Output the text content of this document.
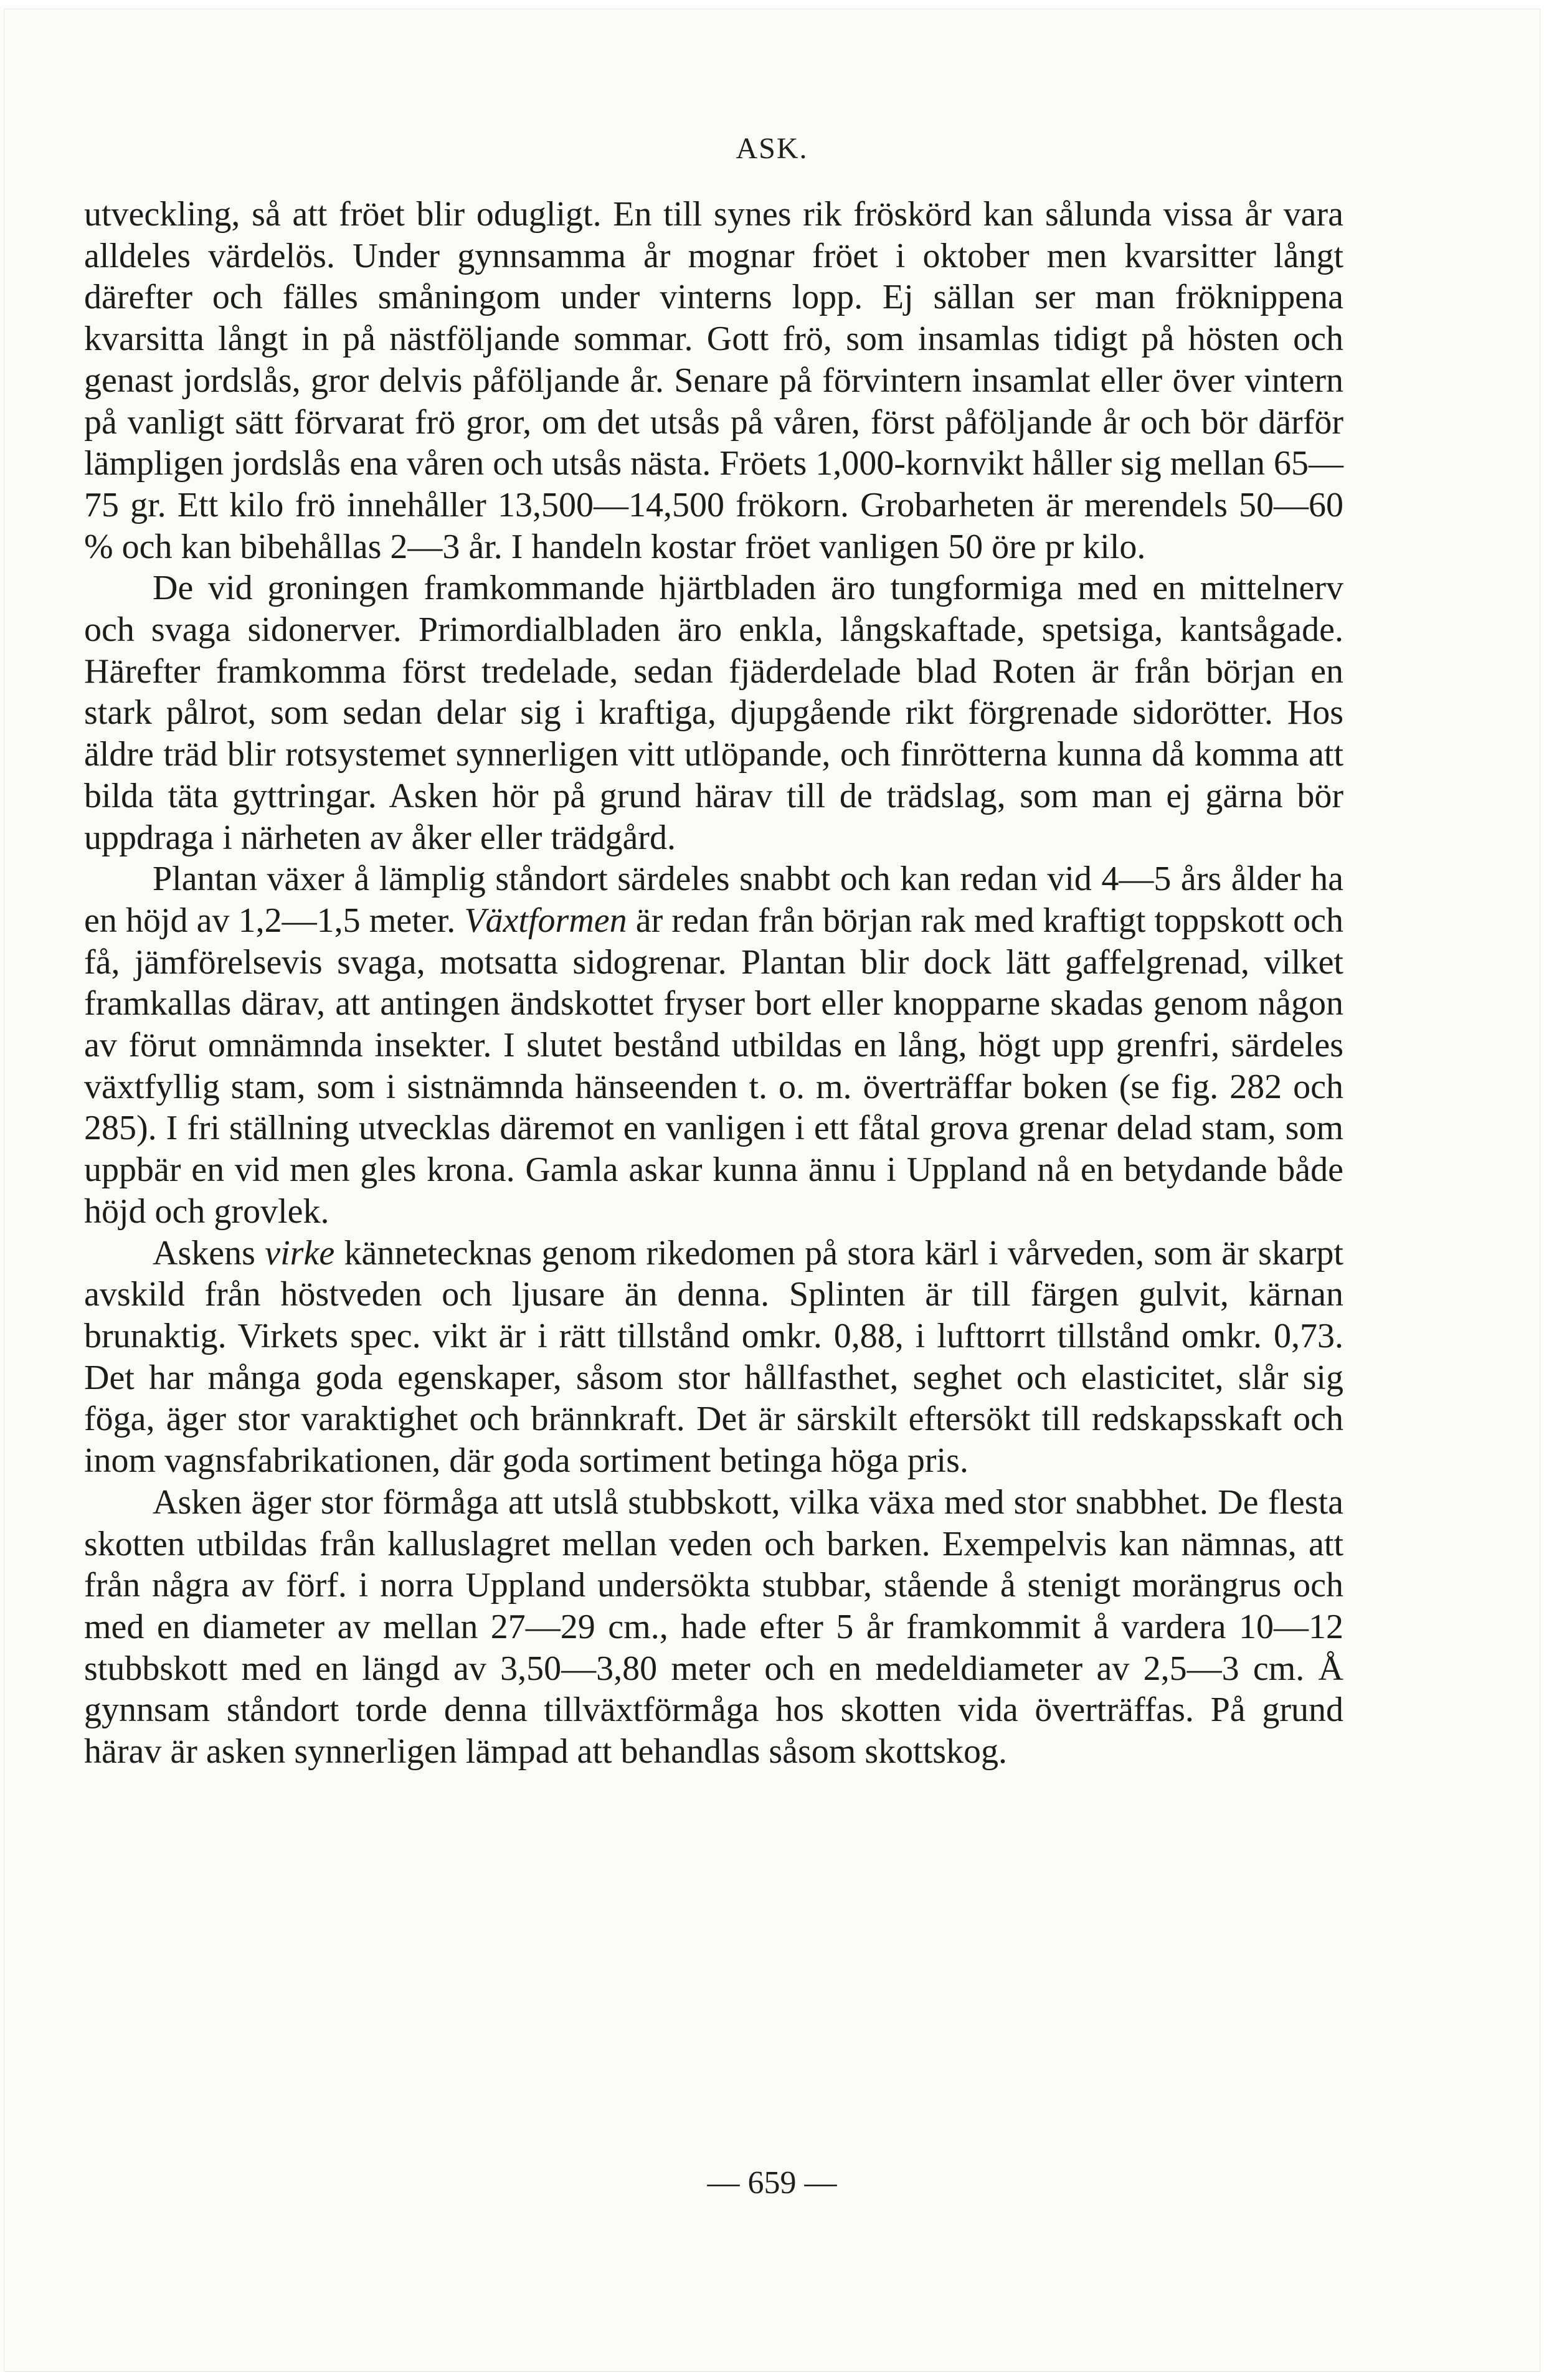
ASK.

utveckling, så att fröet blir odugligt. En till synes rik fröskörd kan sålunda vissa år vara alldeles värdelös. Under gynnsamma år mognar fröet i oktober men kvarsitter långt därefter och fälles småningom under vinterns lopp. Ej sällan ser man fröknippena kvarsitta långt in på nästföljande sommar. Gott frö, som insamlas tidigt på hösten och genast jordslås, gror delvis påföljande år. Senare på förvintern insamlat eller över vintern på vanligt sätt förvarat frö gror, om det utsås på våren, först påföljande år och bör därför lämpligen jordslås ena våren och utsås nästa. Fröets 1,000-kornvikt håller sig mellan 65—75 gr. Ett kilo frö innehåller 13,500—14,500 frökorn. Grobarheten är merendels 50—60 % och kan bibehållas 2—3 år. I handeln kostar fröet vanligen 50 öre pr kilo.

De vid groningen framkommande hjärtbladen äro tungformiga med en mittelnerv och svaga sidonerver. Primordialbladen äro enkla, långskaftade, spetsiga, kantsågade. Härefter framkomma först tredelade, sedan fjäderdelade blad Roten är från början en stark pålrot, som sedan delar sig i kraftiga, djupgående rikt förgrenade sidorötter. Hos äldre träd blir rotsystemet synnerligen vitt utlöpande, och finrötterna kunna då komma att bilda täta gyttringar. Asken hör på grund härav till de trädslag, som man ej gärna bör uppdraga i närheten av åker eller trädgård.

Plantan växer å lämplig ståndort särdeles snabbt och kan redan vid 4—5 års ålder ha en höjd av 1,2—1,5 meter. Växtformen är redan från början rak med kraftigt toppskott och få, jämförelsevis svaga, motsatta sidogrenar. Plantan blir dock lätt gaffelgrenad, vilket framkallas därav, att antingen ändskottet fryser bort eller knopparne skadas genom någon av förut omnämnda insekter. I slutet bestånd utbildas en lång, högt upp grenfri, särdeles växtfyllig stam, som i sistnämnda hänseenden t. o. m. överträffar boken (se fig. 282 och 285). I fri ställning utvecklas däremot en vanligen i ett fåtal grova grenar delad stam, som uppbär en vid men gles krona. Gamla askar kunna ännu i Uppland nå en betydande både höjd och grovlek.

Askens virke kännetecknas genom rikedomen på stora kärl i vårveden, som är skarpt avskild från höstveden och ljusare än denna. Splinten är till färgen gulvit, kärnan brunaktig. Virkets spec. vikt är i rätt tillstånd omkr. 0,88, i lufttorrt tillstånd omkr. 0,73. Det har många goda egenskaper, såsom stor hållfasthet, seghet och elasticitet, slår sig föga, äger stor varaktighet och brännkraft. Det är särskilt eftersökt till redskapsskaft och inom vagnsfabrikationen, där goda sortiment betinga höga pris.

Asken äger stor förmåga att utslå stubbskott, vilka växa med stor snabbhet. De flesta skotten utbildas från kalluslagret mellan veden och barken. Exempelvis kan nämnas, att från några av förf. i norra Uppland undersökta stubbar, stående å stenigt morängrus och med en diameter av mellan 27—29 cm., hade efter 5 år framkommit å vardera 10—12 stubbskott med en längd av 3,50—3,80 meter och en medeldiameter av 2,5—3 cm. Å gynnsam ståndort torde denna tillväxtförmåga hos skotten vida överträffas. På grund härav är asken synnerligen lämpad att behandlas såsom skottskog.

— 659 —
